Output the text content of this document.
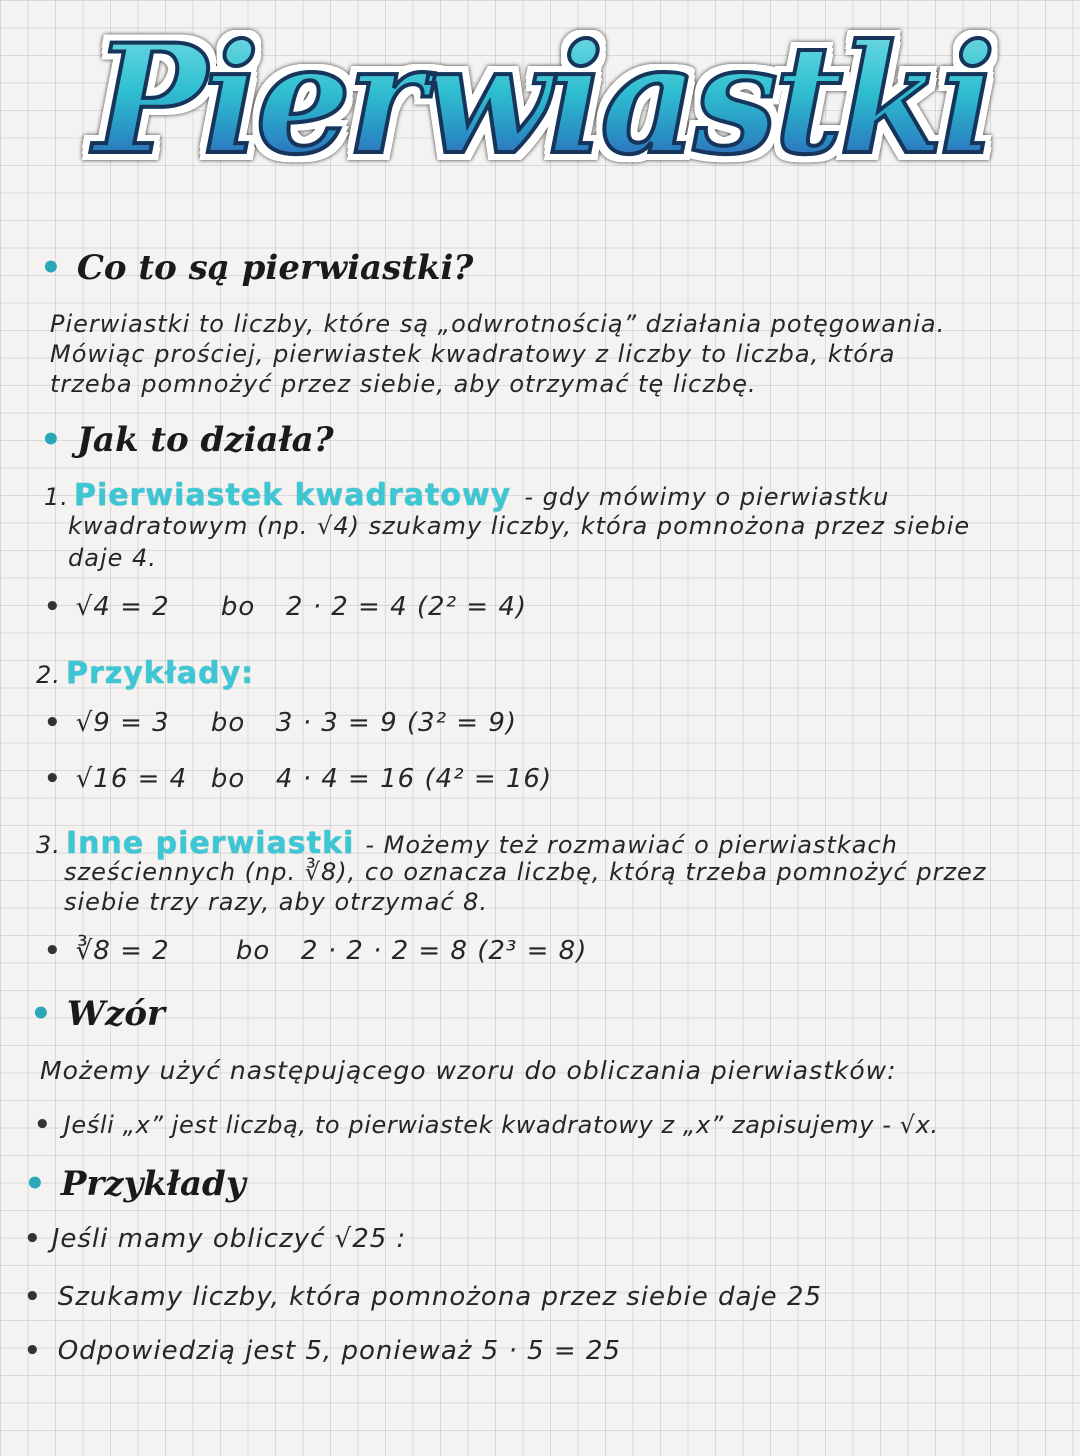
Pierwiastki
• Co to są pierwiastki?
Pierwiastki to liczby, które są „odwrotnością” działania potęgowania.
Mówiąc prościej, pierwiastek kwadratowy z liczby to liczba, która
trzeba pomnożyć przez siebie, aby otrzymać tę liczbę.
• Jak to działa?
1. Pierwiastek kwadratowy - gdy mówimy o pierwiastku
kwadratowym (np. √4) szukamy liczby, która pomnożona przez siebie
daje 4.
• √4 = 2 bo 2 · 2 = 4 (2² = 4)
2. Przykłady:
• √9 = 3 bo 3 · 3 = 9 (3² = 9)
• √16 = 4 bo 4 · 4 = 16 (4² = 16)
3. Inne pierwiastki - Możemy też rozmawiać o pierwiastkach
sześciennych (np. ∛8), co oznacza liczbę, którą trzeba pomnożyć przez
siebie trzy razy, aby otrzymać 8.
• ∛8 = 2	bo 2 · 2 · 2 = 8 (2³ = 8)
• Wzór
Możemy użyć następującego wzoru do obliczania pierwiastków:
• Jeśli „x” jest liczbą, to pierwiastek kwadratowy z „x” zapisujemy - √x.
• Przykłady
• Jeśli mamy obliczyć √25 :
• Szukamy liczby, która pomnożona przez siebie daje 25
• Odpowiedzią jest 5, ponieważ 5 · 5 = 25
